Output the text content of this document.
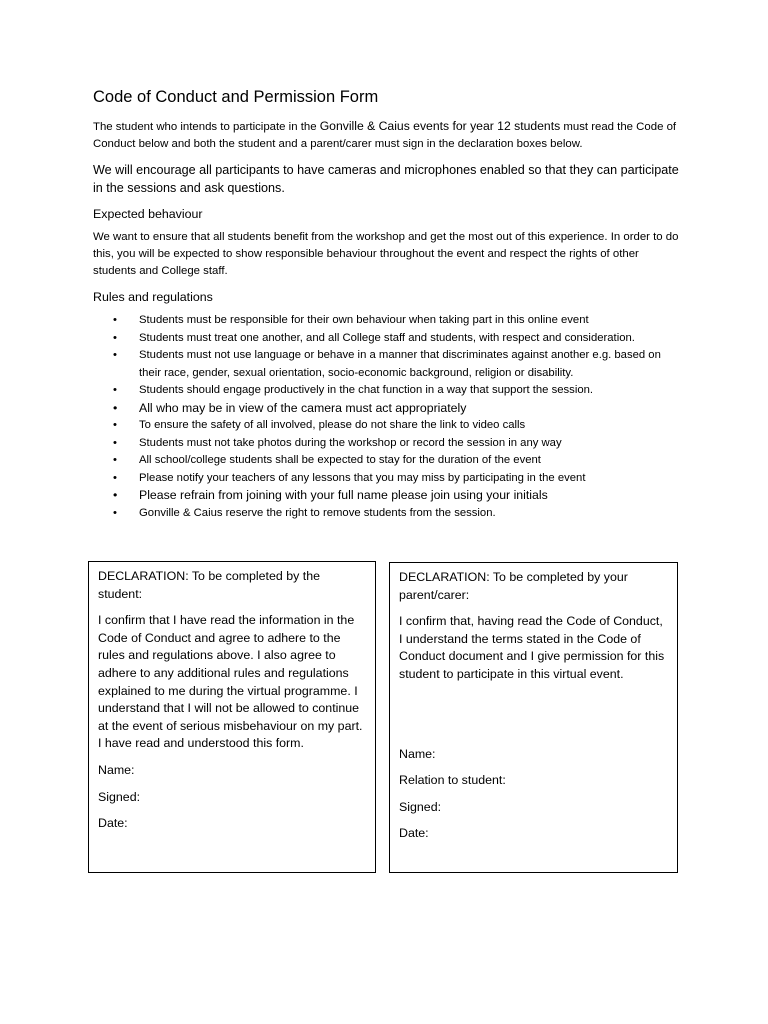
Code of Conduct and Permission Form

The student who intends to participate in the Gonville & Caius events for year 12 students must read the Code of Conduct below and both the student and a parent/carer must sign in the declaration boxes below.

We will encourage all participants to have cameras and microphones enabled so that they can participate in the sessions and ask questions.

Expected behaviour

We want to ensure that all students benefit from the workshop and get the most out of this experience. In order to do this, you will be expected to show responsible behaviour throughout the event and respect the rights of other students and College staff.

Rules and regulations
• Students must be responsible for their own behaviour when taking part in this online event
• Students must treat one another, and all College staff and students, with respect and consideration.
• Students must not use language or behave in a manner that discriminates against another e.g. based on their race, gender, sexual orientation, socio-economic background, religion or disability.
• Students should engage productively in the chat function in a way that support the session.
• All who may be in view of the camera must act appropriately
• To ensure the safety of all involved, please do not share the link to video calls
• Students must not take photos during the workshop or record the session in any way
• All school/college students shall be expected to stay for the duration of the event
• Please notify your teachers of any lessons that you may miss by participating in the event
• Please refrain from joining with your full name please join using your initials
• Gonville & Caius reserve the right to remove students from the session.

DECLARATION: To be completed by the student:

I confirm that I have read the information in the Code of Conduct and agree to adhere to the rules and regulations above. I also agree to adhere to any additional rules and regulations explained to me during the virtual programme. I understand that I will not be allowed to continue at the event of serious misbehaviour on my part. I have read and understood this form.

Name:

Signed:

Date:

DECLARATION: To be completed by your parent/carer:

I confirm that, having read the Code of Conduct, I understand the terms stated in the Code of Conduct document and I give permission for this student to participate in this virtual event.

Name:

Relation to student:

Signed:

Date:
